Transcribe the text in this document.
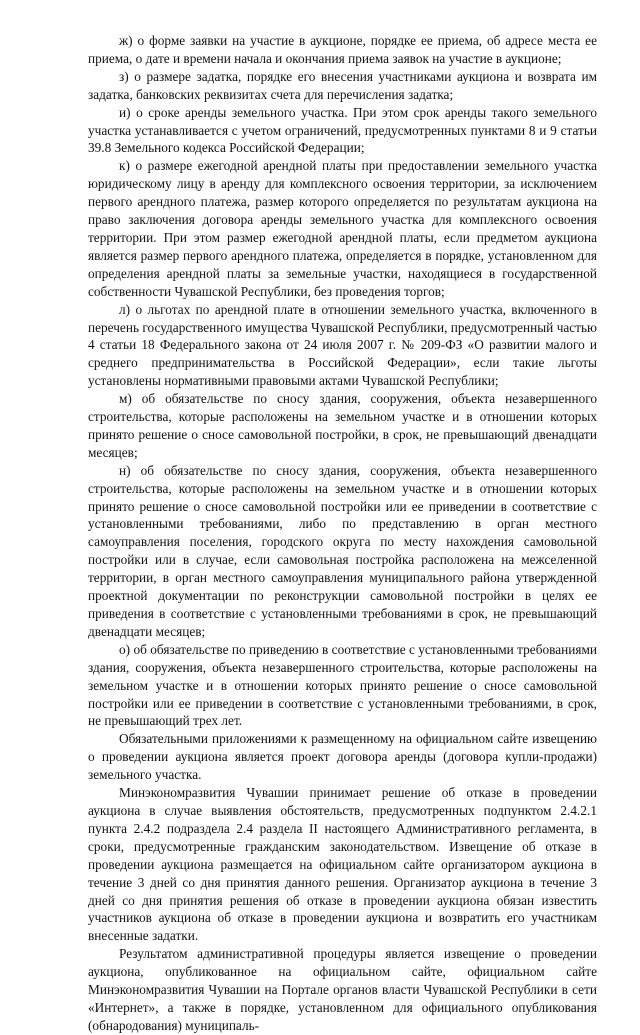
ж) о форме заявки на участие в аукционе, порядке ее приема, об адресе места ее приема, о дате и времени начала и окончания приема заявок на участие в аукционе;

з) о размере задатка, порядке его внесения участниками аукциона и возврата им задатка, банковских реквизитах счета для перечисления задатка;

и) о сроке аренды земельного участка. При этом срок аренды такого земельного участка устанавливается с учетом ограничений, предусмотренных пунктами 8 и 9 статьи 39.8 Земельного кодекса Российской Федерации;

к) о размере ежегодной арендной платы при предоставлении земельного участка юридическому лицу в аренду для комплексного освоения территории, за исключением первого арендного платежа, размер которого определяется по результатам аукциона на право заключения договора аренды земельного участка для комплексного освоения территории. При этом размер ежегодной арендной платы, если предметом аукциона является размер первого арендного платежа, определяется в порядке, установленном для определения арендной платы за земельные участки, находящиеся в государственной собственности Чувашской Республики, без проведения торгов;

л) о льготах по арендной плате в отношении земельного участка, включенного в перечень государственного имущества Чувашской Республики, предусмотренный частью 4 статьи 18 Федерального закона от 24 июля 2007 г. № 209-ФЗ «О развитии малого и среднего предпринимательства в Российской Федерации», если такие льготы установлены нормативными правовыми актами Чувашской Республики;

м) об обязательстве по сносу здания, сооружения, объекта незавершенного строительства, которые расположены на земельном участке и в отношении которых принято решение о сносе самовольной постройки, в срок, не превышающий двенадцати месяцев;

н) об обязательстве по сносу здания, сооружения, объекта незавершенного строительства, которые расположены на земельном участке и в отношении которых принято решение о сносе самовольной постройки или ее приведении в соответствие с установленными требованиями, либо по представлению в орган местного самоуправления поселения, городского округа по месту нахождения самовольной постройки или в случае, если самовольная постройка расположена на межселенной территории, в орган местного самоуправления муниципального района утвержденной проектной документации по реконструкции самовольной постройки в целях ее приведения в соответствие с установленными требованиями в срок, не превышающий двенадцати месяцев;

о) об обязательстве по приведению в соответствие с установленными требованиями здания, сооружения, объекта незавершенного строительства, которые расположены на земельном участке и в отношении которых принято решение о сносе самовольной постройки или ее приведении в соответствие с установленными требованиями, в срок, не превышающий трех лет.

Обязательными приложениями к размещенному на официальном сайте извещению о проведении аукциона является проект договора аренды (договора купли-продажи) земельного участка.

Минэкономразвития Чувашии принимает решение об отказе в проведении аукциона в случае выявления обстоятельств, предусмотренных подпунктом 2.4.2.1 пункта 2.4.2 подраздела 2.4 раздела II настоящего Административного регламента, в сроки, предусмотренные гражданским законодательством. Извещение об отказе в проведении аукциона размещается на официальном сайте организатором аукциона в течение 3 дней со дня принятия данного решения. Организатор аукциона в течение 3 дней со дня принятия решения об отказе в проведении аукциона обязан известить участников аукциона об отказе в проведении аукциона и возвратить его участникам внесенные задатки.

Результатом административной процедуры является извещение о проведении аукциона, опубликованное на официальном сайте, официальном сайте Минэкономразвития Чувашии на Портале органов власти Чувашской Республики в сети «Интернет», а также в порядке, установленном для официального опубликования (обнародования) муниципаль-
